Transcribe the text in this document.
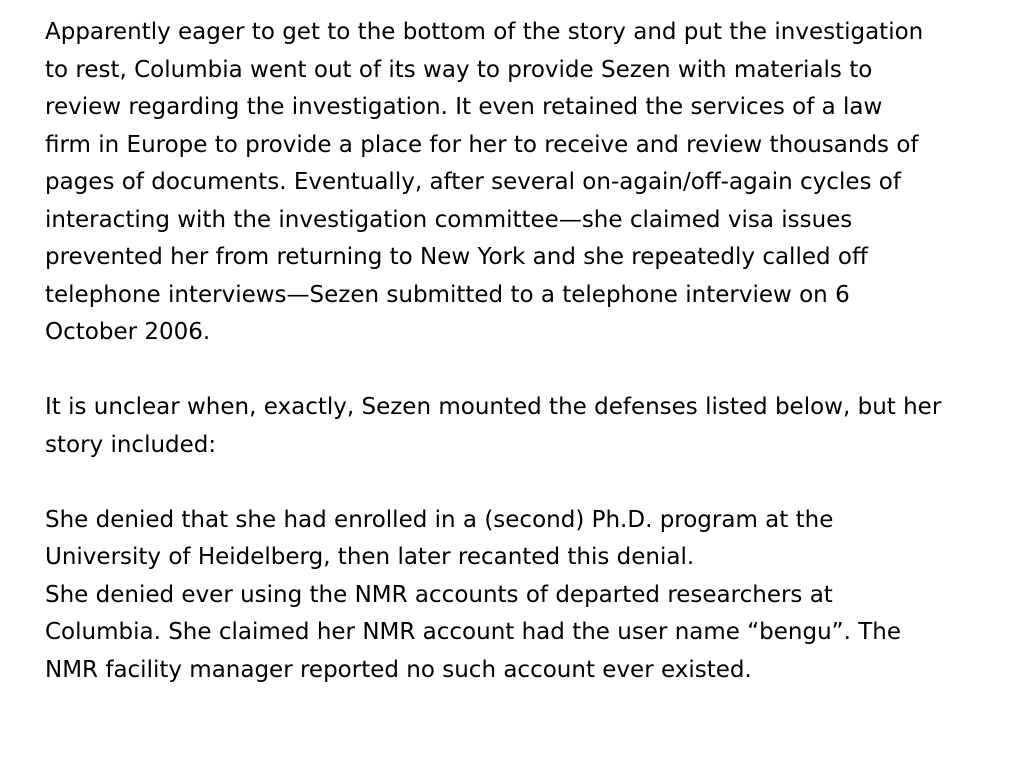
Apparently eager to get to the bottom of the story and put the investigation
to rest, Columbia went out of its way to provide Sezen with materials to
review regarding the investigation. It even retained the services of a law
firm in Europe to provide a place for her to receive and review thousands of
pages of documents. Eventually, after several on-again/off-again cycles of
interacting with the investigation committee—she claimed visa issues
prevented her from returning to New York and she repeatedly called off
telephone interviews—Sezen submitted to a telephone interview on 6
October 2006.
It is unclear when, exactly, Sezen mounted the defenses listed below, but her
story included:
She denied that she had enrolled in a (second) Ph.D. program at the
University of Heidelberg, then later recanted this denial.
She denied ever using the NMR accounts of departed researchers at
Columbia. She claimed her NMR account had the user name “bengu”. The
NMR facility manager reported no such account ever existed.
